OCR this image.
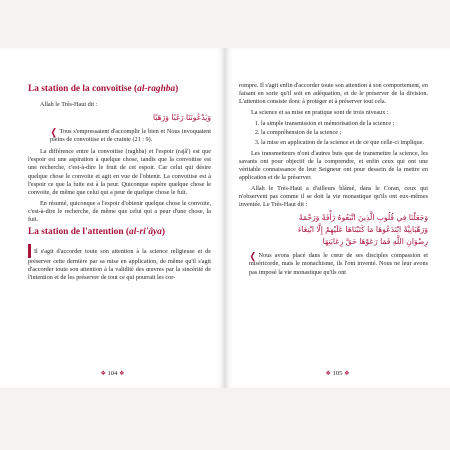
La station de la convoitise (al-raghba)

Allah le Très-Haut dit :

وَيَدْعُونَنَا رَغَبًا وَرَهَبًا

❬ Tous s'empressaient d'accomplir le bien et Nous invoquaient pleins de convoitise et de crainte (21 : 9).

La différence entre la convoitise (raghba) et l'espoir (rajâ') est que l'espoir est une aspiration à quelque chose, tandis que la convoitise est une recherche, c'est-à-dire le fruit de cet espoir. Car celui qui désire quelque chose le convoite et agit en vue de l'obtenir. La convoitise est à l'espoir ce que la fuite est à la peur. Quiconque espère quelque chose le convoite, de même que celui qui a peur de quelque chose le fuit.

En résumé, quiconque a l'espoir d'obtenir quelque chose le convoite, c'est-à-dire le recherche, de même que celui qui a peur d'une chose, la fuit.

La station de l'attention (al-ri'âya)

Il s'agit d'accorder toute son attention à la science religieuse et de préserver cette dernière par sa mise en application, de même qu'il s'agit d'accorder toute son attention à la validité des œuvres par la sincérité de l'intention et de les préserver de tout ce qui pourrait les cor-

❖ 104 ❖

rompre. Il s'agit enfin d'accorder toute son attention à son comportement, en faisant en sorte qu'il soit en adéquation, et de le préserver de la division. L'attention consiste donc à protéger et à préserver tout cela.

La science et sa mise en pratique sont de trois niveaux :

1. la simple transmission et mémorisation de la science ;
2. la compréhension de la science ;
3. la mise en application de la science et de ce que celle-ci implique.

Les transmetteurs n'ont d'autres buts que de transmettre la science, les savants ont pour objectif de la comprendre, et enfin ceux qui ont une véritable connaissance de leur Seigneur ont pour dessein de la mettre en application et de la préserver.

Allah le Très-Haut a d'ailleurs blâmé, dans le Coran, ceux qui n'observent pas comme il se doit la vie monastique qu'ils ont eux-mêmes inventée. Le Très-Haut dit :

وَجَعَلْنَا فِي قُلُوبِ الَّذِينَ اتَّبَعُوهُ رَأْفَةً وَرَحْمَةً
وَرَهْبَانِيَّةً ابْتَدَعُوهَا مَا كَتَبْنَاهَا عَلَيْهِمْ إِلَّا ابْتِغَاءَ
رِضْوَانِ اللَّهِ فَمَا رَعَوْهَا حَقَّ رِعَايَتِهَا

❬ Nous avons placé dans le cœur de ses disciples compassion et miséricorde, mais le monachisme, ils l'ont inventé. Nous ne leur avons pas imposé la vie monastique qu'ils ont

❖ 105 ❖
